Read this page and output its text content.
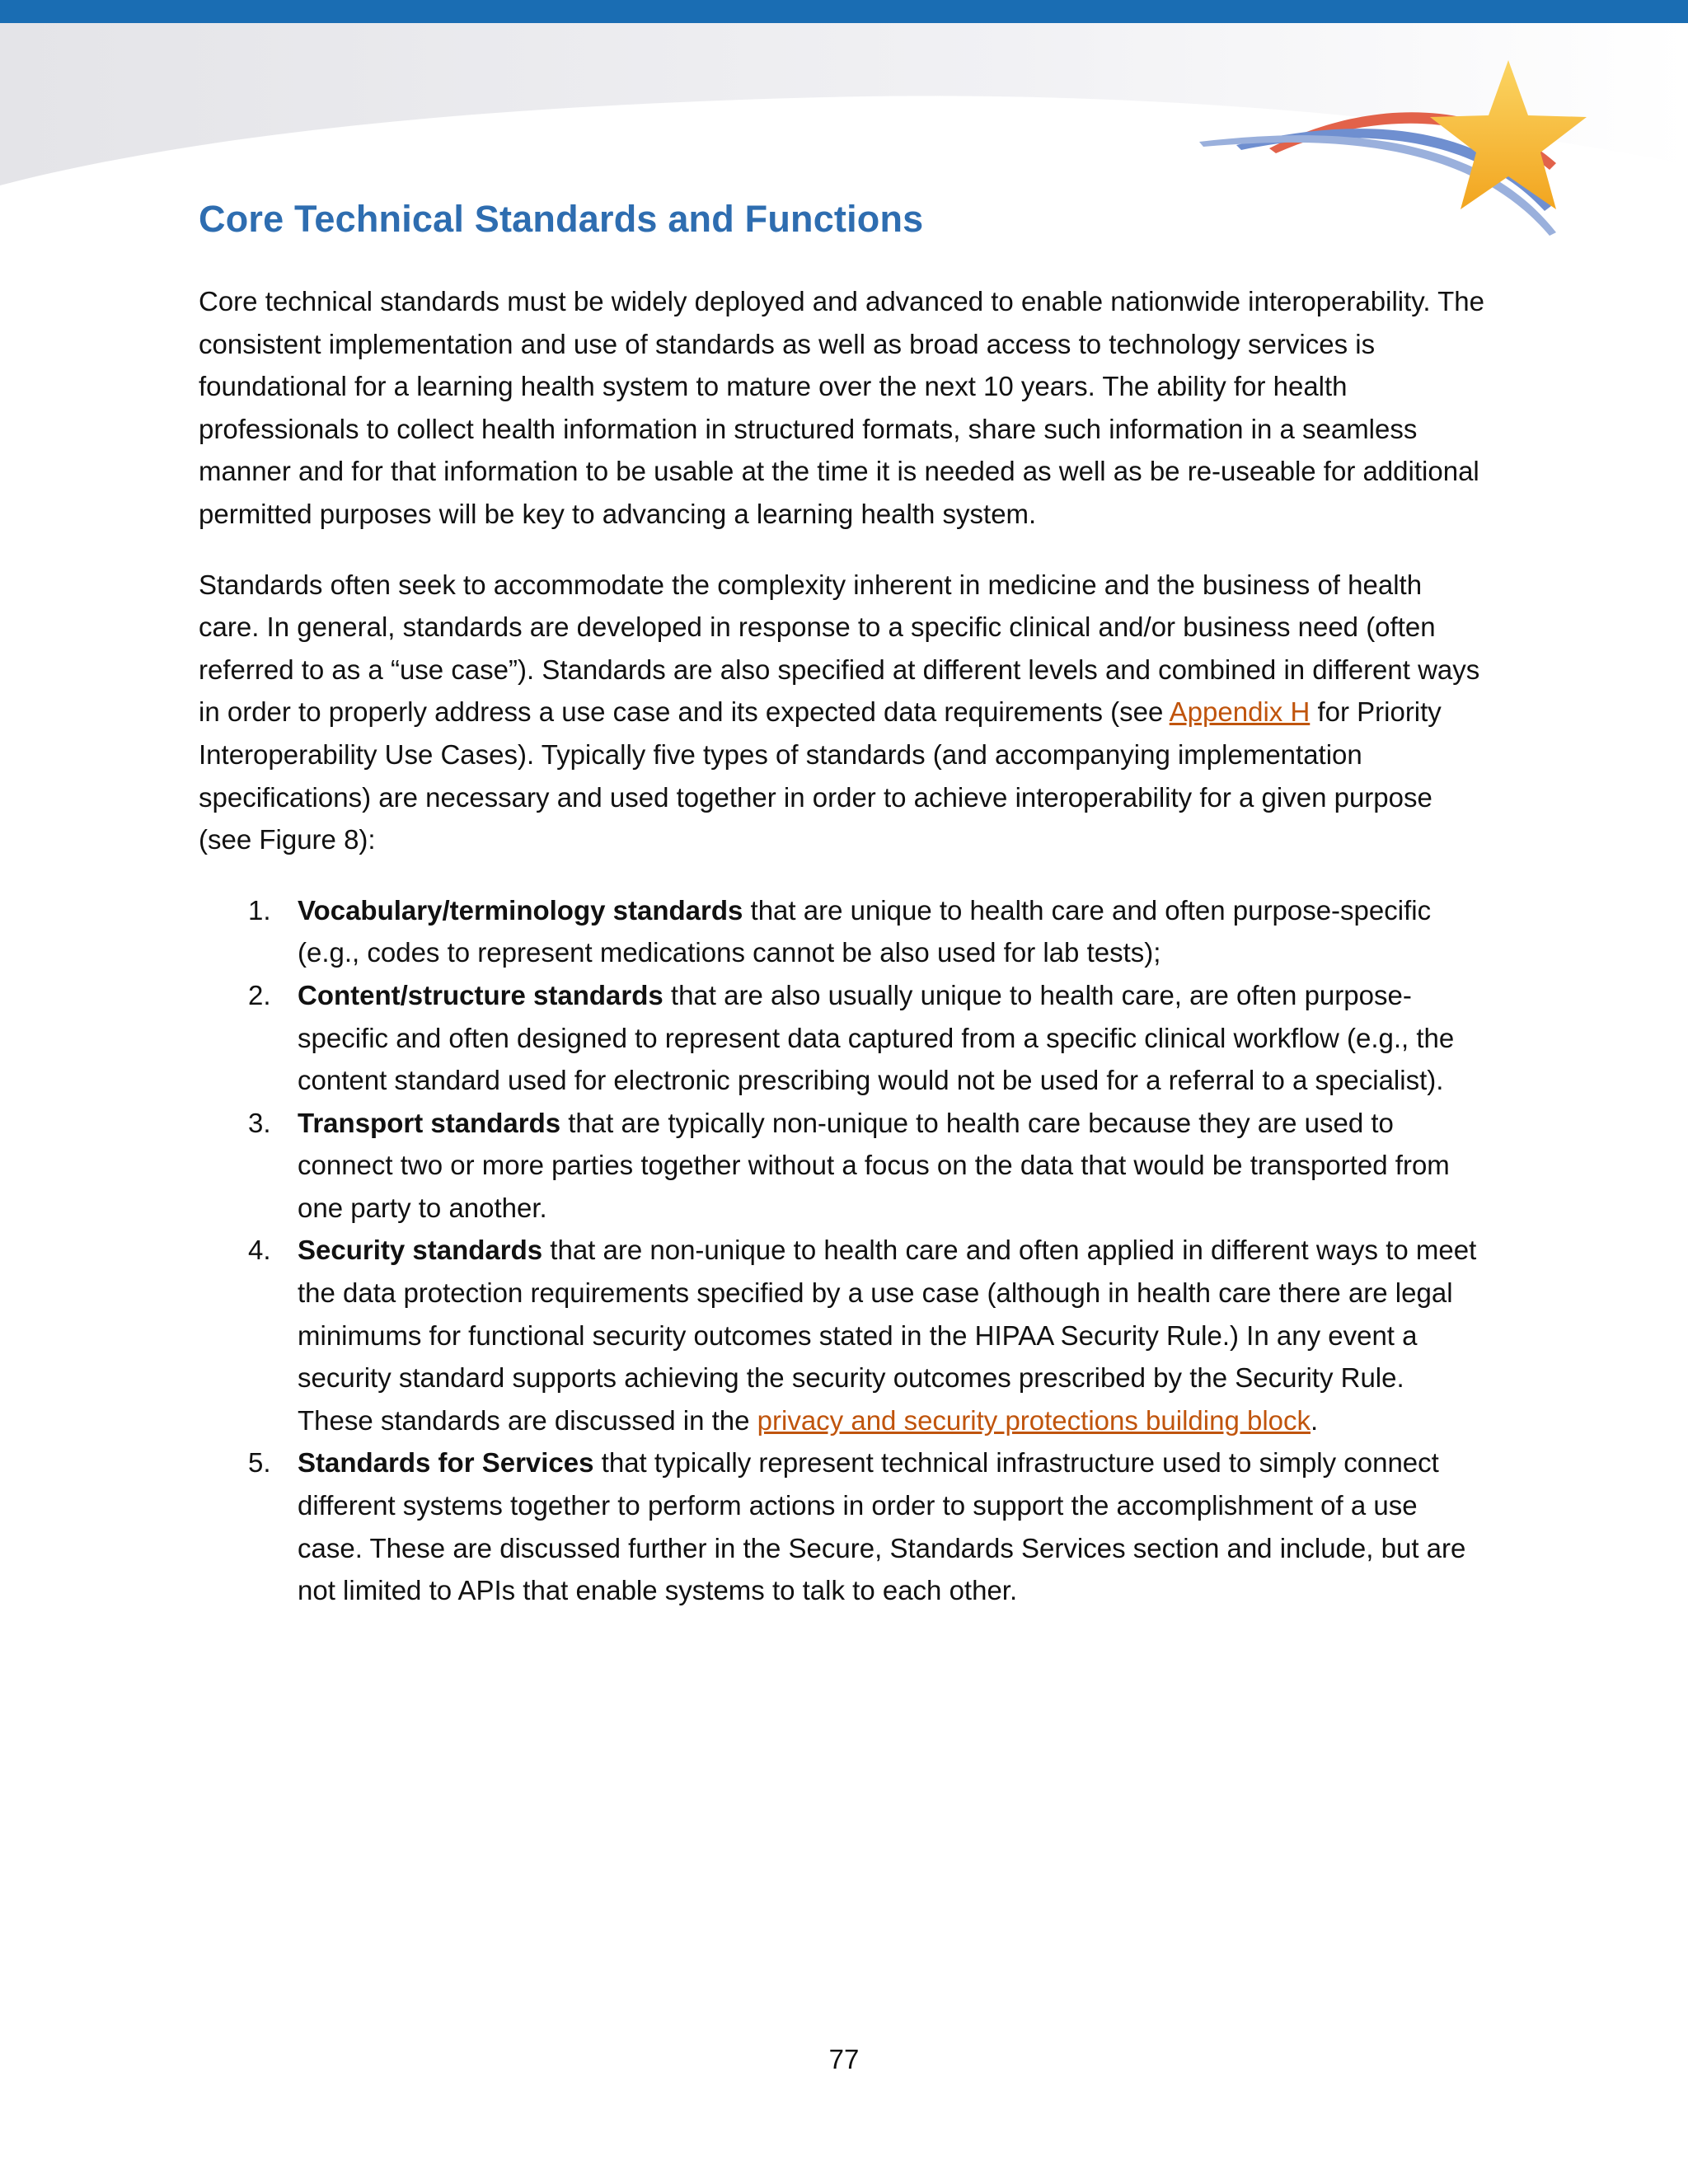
Core Technical Standards and Functions

Core technical standards must be widely deployed and advanced to enable nationwide interoperability. The consistent implementation and use of standards as well as broad access to technology services is foundational for a learning health system to mature over the next 10 years. The ability for health professionals to collect health information in structured formats, share such information in a seamless manner and for that information to be usable at the time it is needed as well as be re-useable for additional permitted purposes will be key to advancing a learning health system.

Standards often seek to accommodate the complexity inherent in medicine and the business of health care. In general, standards are developed in response to a specific clinical and/or business need (often referred to as a “use case”). Standards are also specified at different levels and combined in different ways in order to properly address a use case and its expected data requirements (see Appendix H for Priority Interoperability Use Cases). Typically five types of standards (and accompanying implementation specifications) are necessary and used together in order to achieve interoperability for a given purpose (see Figure 8):

1. Vocabulary/terminology standards that are unique to health care and often purpose-specific (e.g., codes to represent medications cannot be also used for lab tests);
2. Content/structure standards that are also usually unique to health care, are often purpose-specific and often designed to represent data captured from a specific clinical workflow (e.g., the content standard used for electronic prescribing would not be used for a referral to a specialist).
3. Transport standards that are typically non-unique to health care because they are used to connect two or more parties together without a focus on the data that would be transported from one party to another.
4. Security standards that are non-unique to health care and often applied in different ways to meet the data protection requirements specified by a use case (although in health care there are legal minimums for functional security outcomes stated in the HIPAA Security Rule.) In any event a security standard supports achieving the security outcomes prescribed by the Security Rule. These standards are discussed in the privacy and security protections building block.
5. Standards for Services that typically represent technical infrastructure used to simply connect different systems together to perform actions in order to support the accomplishment of a use case. These are discussed further in the Secure, Standards Services section and include, but are not limited to APIs that enable systems to talk to each other.
77
